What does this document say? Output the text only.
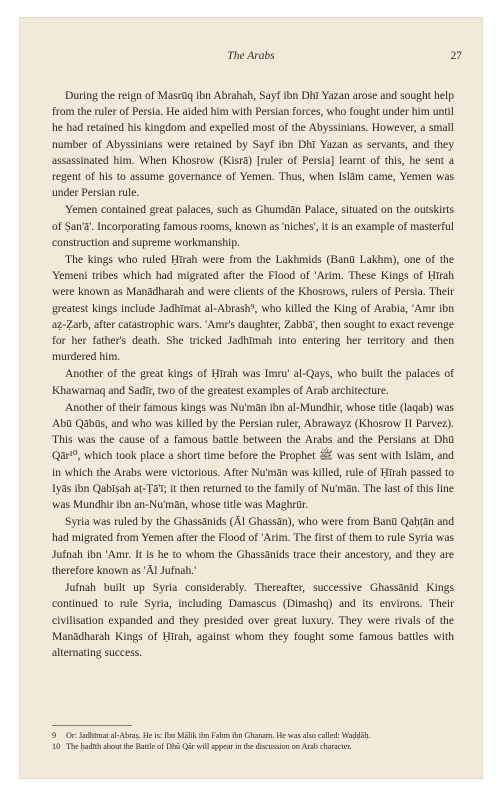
The Arabs	27

During the reign of Masrūq ibn Abrahah, Sayf ibn Dhī Yazan arose and sought help from the ruler of Persia. He aided him with Persian forces, who fought under him until he had retained his kingdom and expelled most of the Abyssinians. However, a small number of Abyssinians were retained by Sayf ibn Dhī Yazan as servants, and they assassinated him. When Khosrow (Kisrā) [ruler of Persia] learnt of this, he sent a regent of his to assume governance of Yemen. Thus, when Islām came, Yemen was under Persian rule.

Yemen contained great palaces, such as Ghumdān Palace, situated on the outskirts of Ṣan'ā'. Incorporating famous rooms, known as 'niches', it is an example of masterful construction and supreme workmanship.

The kings who ruled Ḥīrah were from the Lakhmids (Banū Lakhm), one of the Yemeni tribes which had migrated after the Flood of 'Arim. These Kings of Ḥīrah were known as Manādharah and were clients of the Khosrows, rulers of Persia. Their greatest kings include Jadhīmat al-Abrash⁹, who killed the King of Arabia, 'Amr ibn aẓ-Ẓarb, after catastrophic wars. 'Amr's daughter, Zabbā', then sought to exact revenge for her father's death. She tricked Jadhīmah into entering her territory and then murdered him.

Another of the great kings of Ḥīrah was Imru' al-Qays, who built the palaces of Khawarnaq and Sadīr, two of the greatest examples of Arab architecture.

Another of their famous kings was Nu'mān ibn al-Mundhir, whose title (laqab) was Abū Qābūs, and who was killed by the Persian ruler, Abrawayz (Khosrow II Parvez). This was the cause of a famous battle between the Arabs and the Persians at Dhū Qār¹⁰, which took place a short time before the Prophet ﷺ was sent with Islām, and in which the Arabs were victorious. After Nu'mān was killed, rule of Ḥīrah passed to Iyās ibn Qabīṣah aṭ-Ṭā'ī; it then returned to the family of Nu'mān. The last of this line was Mundhir ibn an-Nu'mān, whose title was Maghrūr.

Syria was ruled by the Ghassānids (Āl Ghassān), who were from Banū Qaḥṭān and had migrated from Yemen after the Flood of 'Arim. The first of them to rule Syria was Jufnah ibn 'Amr. It is he to whom the Ghassānids trace their ancestory, and they are therefore known as 'Āl Jufnah.'

Jufnah built up Syria considerably. Thereafter, successive Ghassānid Kings continued to rule Syria, including Damascus (Dimashq) and its environs. Their civilisation expanded and they presided over great luxury. They were rivals of the Manādharah Kings of Ḥīrah, against whom they fought some famous battles with alternating success.

9	Or: Jadhīmat al-Abraṣ. He is: Ibn Mālik ibn Fahm ibn Ghanam. He was also called: Waḍḍāḥ.
10 The ḥadīth about the Battle of Dhū Qār will appear in the discussion on Arab character.
